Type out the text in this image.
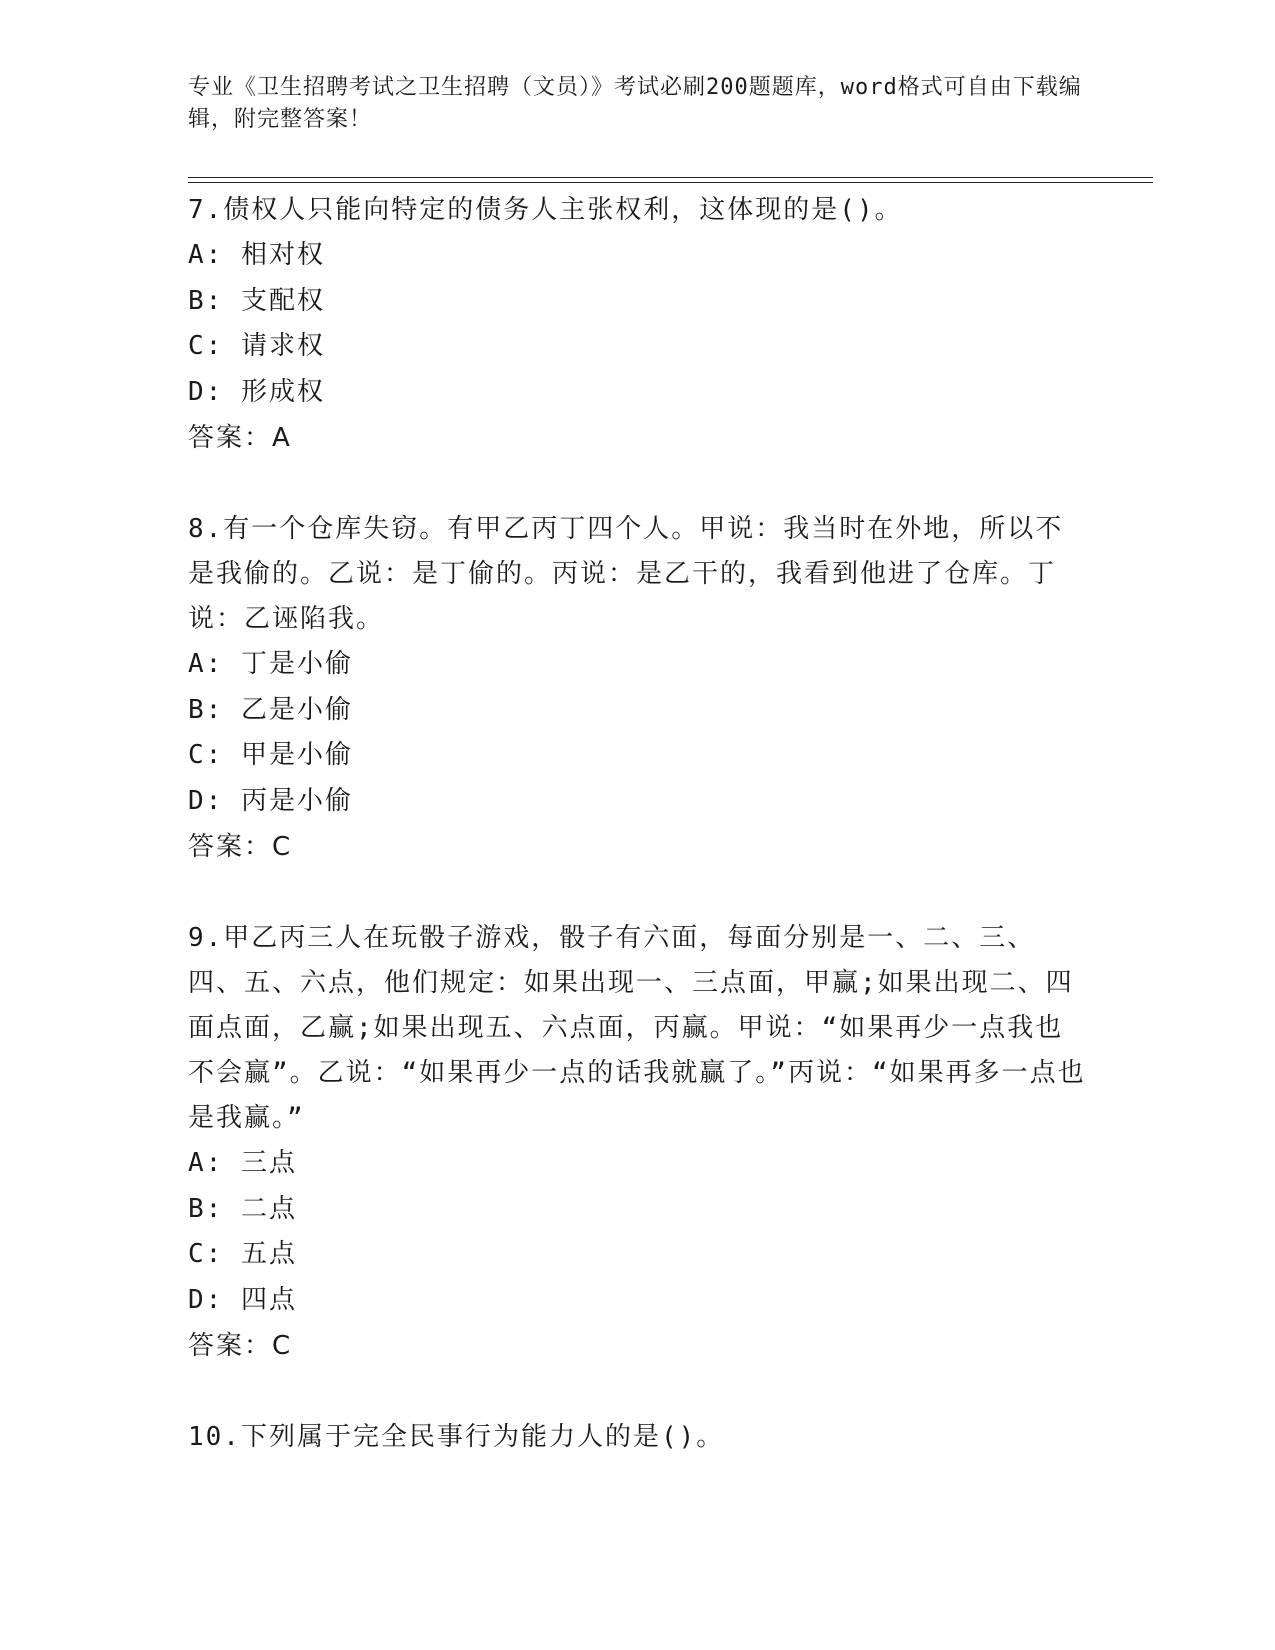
专业《卫生招聘考试之卫生招聘（文员）》考试必刷200题题库，word格式可自由下载编辑，附完整答案！

7.债权人只能向特定的债务人主张权利，这体现的是()。

A: 相对权

B: 支配权

C: 请求权

D: 形成权

答案：A

8.有一个仓库失窃。有甲乙丙丁四个人。甲说：我当时在外地，所以不是我偷的。乙说：是丁偷的。丙说：是乙干的，我看到他进了仓库。丁说：乙诬陷我。

A: 丁是小偷

B: 乙是小偷

C: 甲是小偷

D: 丙是小偷

答案：C

9.甲乙丙三人在玩骰子游戏，骰子有六面，每面分别是一、二、三、四、五、六点，他们规定：如果出现一、三点面，甲赢;如果出现二、四面点面，乙赢;如果出现五、六点面，丙赢。甲说：“如果再少一点我也不会赢”。乙说：“如果再少一点的话我就赢了。”丙说：“如果再多一点也是我赢。”

A: 三点

B: 二点

C: 五点

D: 四点

答案：C

10.下列属于完全民事行为能力人的是()。
